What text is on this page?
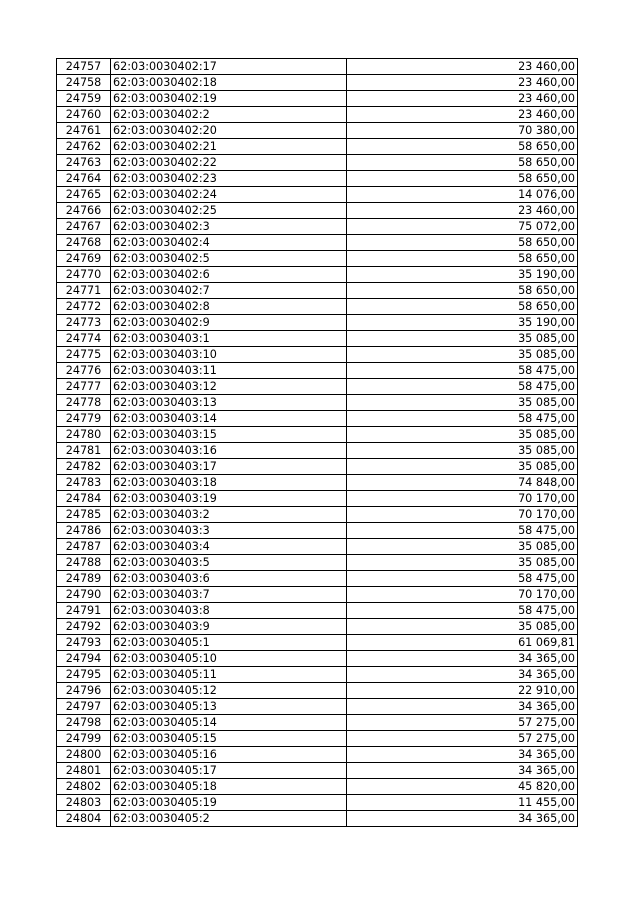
24757	62:03:0030402:17	23 460,00
24758	62:03:0030402:18	23 460,00
24759	62:03:0030402:19	23 460,00
24760	62:03:0030402:2	23 460,00
24761	62:03:0030402:20	70 380,00
24762	62:03:0030402:21	58 650,00
24763	62:03:0030402:22	58 650,00
24764	62:03:0030402:23	58 650,00
24765	62:03:0030402:24	14 076,00
24766	62:03:0030402:25	23 460,00
24767	62:03:0030402:3	75 072,00
24768	62:03:0030402:4	58 650,00
24769	62:03:0030402:5	58 650,00
24770	62:03:0030402:6	35 190,00
24771	62:03:0030402:7	58 650,00
24772	62:03:0030402:8	58 650,00
24773	62:03:0030402:9	35 190,00
24774	62:03:0030403:1	35 085,00
24775	62:03:0030403:10	35 085,00
24776	62:03:0030403:11	58 475,00
24777	62:03:0030403:12	58 475,00
24778	62:03:0030403:13	35 085,00
24779	62:03:0030403:14	58 475,00
24780	62:03:0030403:15	35 085,00
24781	62:03:0030403:16	35 085,00
24782	62:03:0030403:17	35 085,00
24783	62:03:0030403:18	74 848,00
24784	62:03:0030403:19	70 170,00
24785	62:03:0030403:2	70 170,00
24786	62:03:0030403:3	58 475,00
24787	62:03:0030403:4	35 085,00
24788	62:03:0030403:5	35 085,00
24789	62:03:0030403:6	58 475,00
24790	62:03:0030403:7	70 170,00
24791	62:03:0030403:8	58 475,00
24792	62:03:0030403:9	35 085,00
24793	62:03:0030405:1	61 069,81
24794	62:03:0030405:10	34 365,00
24795	62:03:0030405:11	34 365,00
24796	62:03:0030405:12	22 910,00
24797	62:03:0030405:13	34 365,00
24798	62:03:0030405:14	57 275,00
24799	62:03:0030405:15	57 275,00
24800	62:03:0030405:16	34 365,00
24801	62:03:0030405:17	34 365,00
24802	62:03:0030405:18	45 820,00
24803	62:03:0030405:19	11 455,00
24804	62:03:0030405:2	34 365,00
